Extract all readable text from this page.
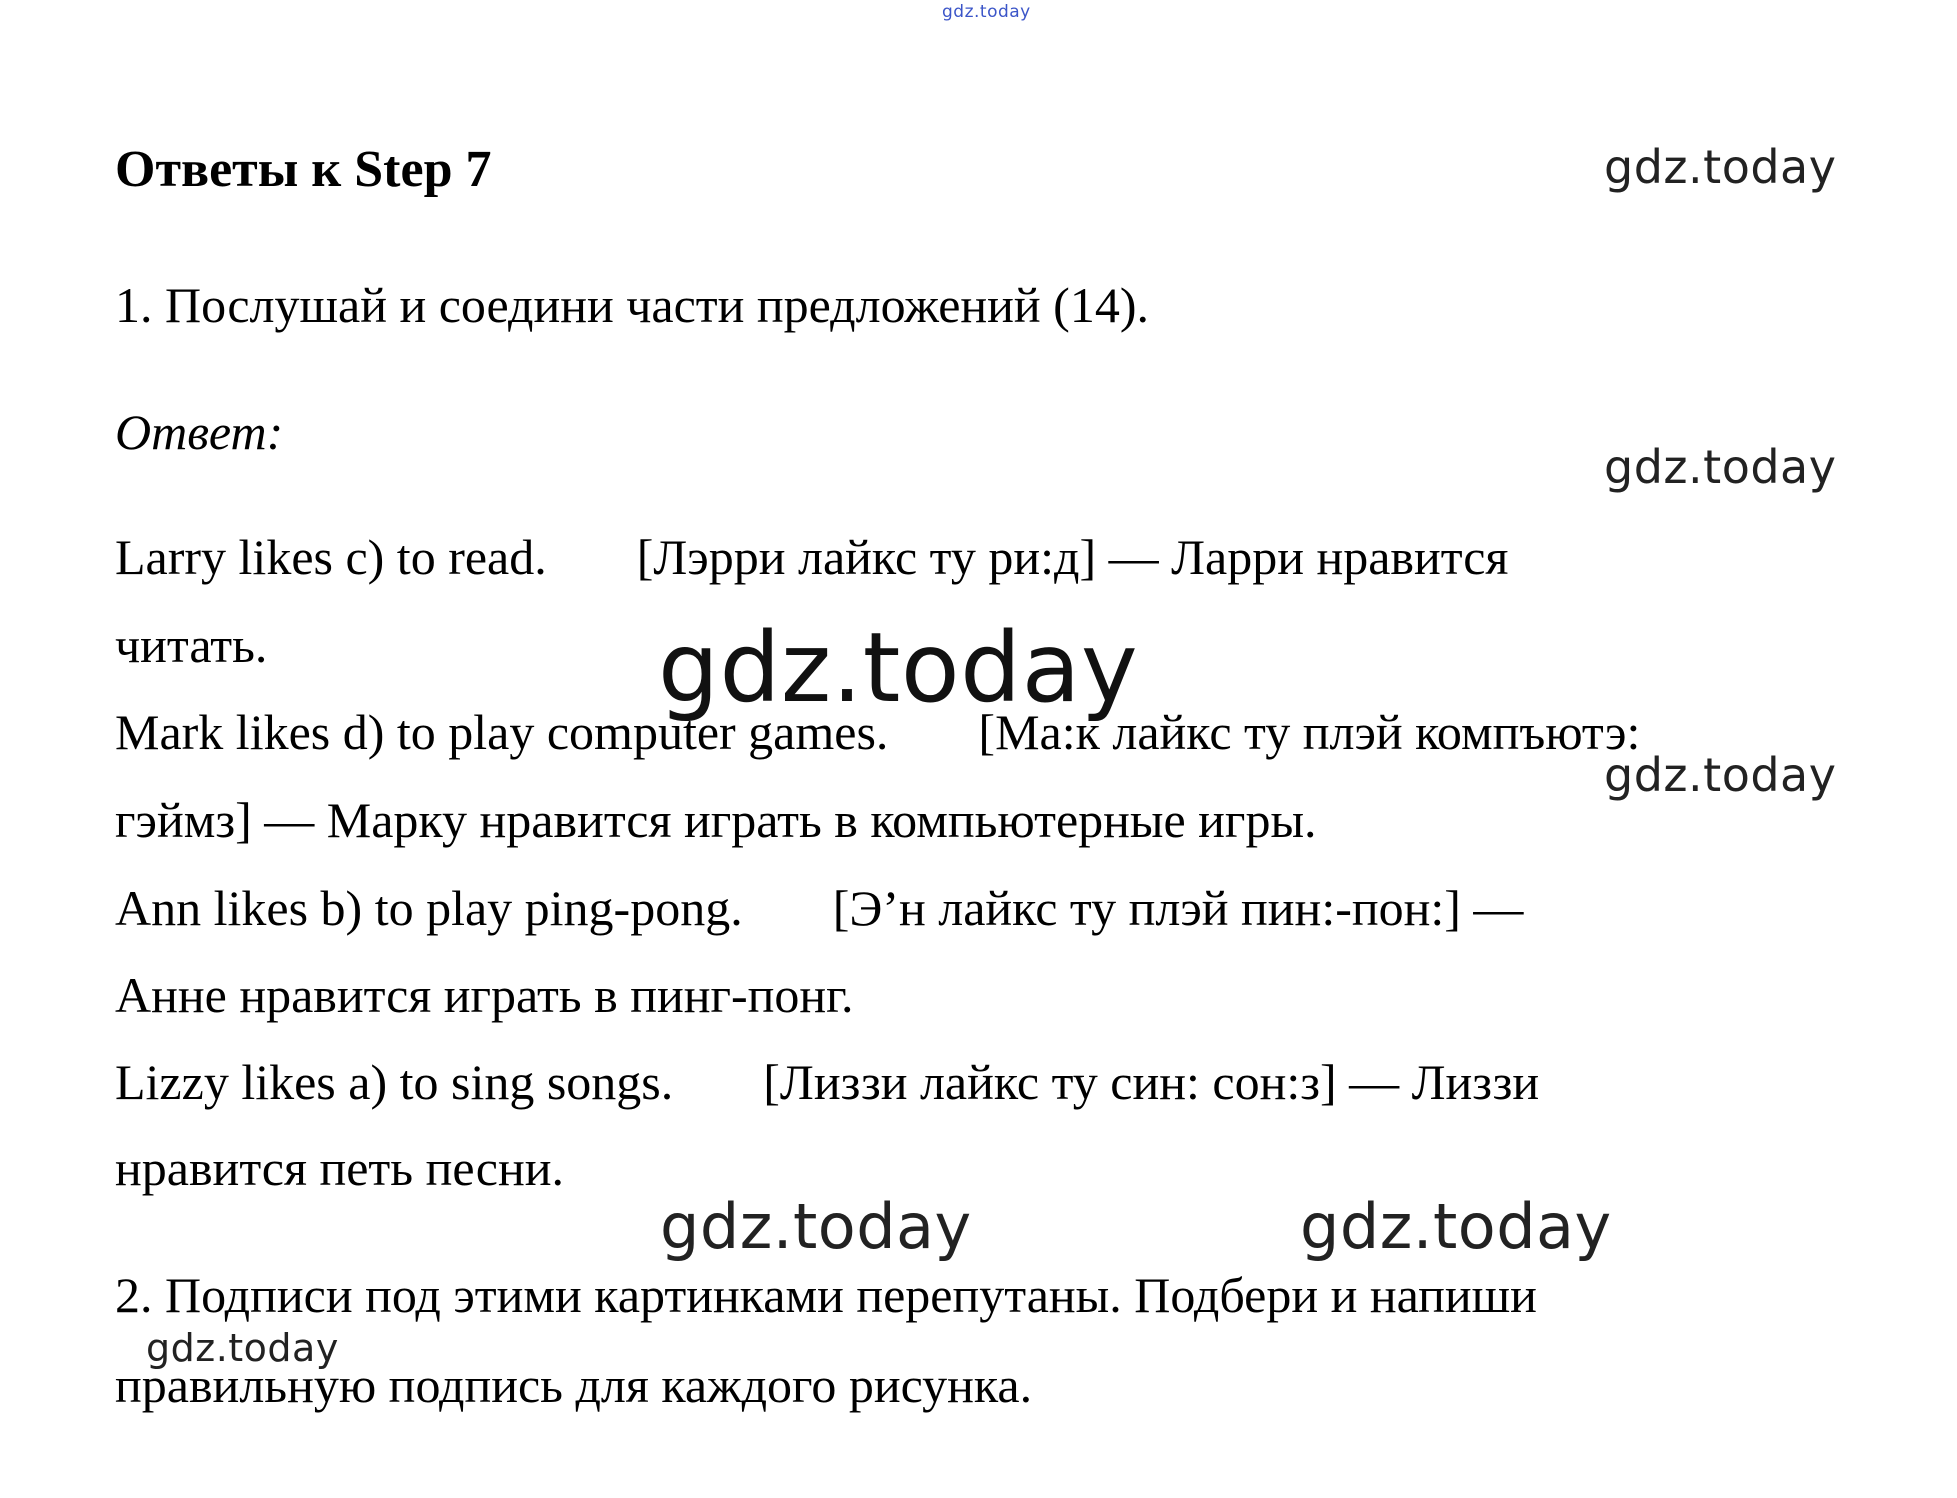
gdz.today
Ответы к Step 7	gdz.today
1. Послушай и соедини части предложений (14).
Ответ:
gdz.today
Larry likes c) to read. [Лэрри лайкс ту ри:д] — Ларри нравится
читать.
Mark likes d) to play computer games. [Ма:к лайкс ту плэй компъютэ:
гэймз] — Марку нравится играть в компьютерные игры.
Ann likes b) to play ping-pong. [Э’н лайкс ту плэй пин:-пон:] —
Анне нравится играть в пинг-понг.
Lizzy likes a) to sing songs. [Лиззи лайкс ту син: сон:з] — Лиззи
нравится петь песни.
gdz.today
gdz.today
gdz.today	gdz.today
2. Подписи под этими картинками перепутаны. Подбери и напиши
gdz.today
правильную подпись для каждого рисунка.
